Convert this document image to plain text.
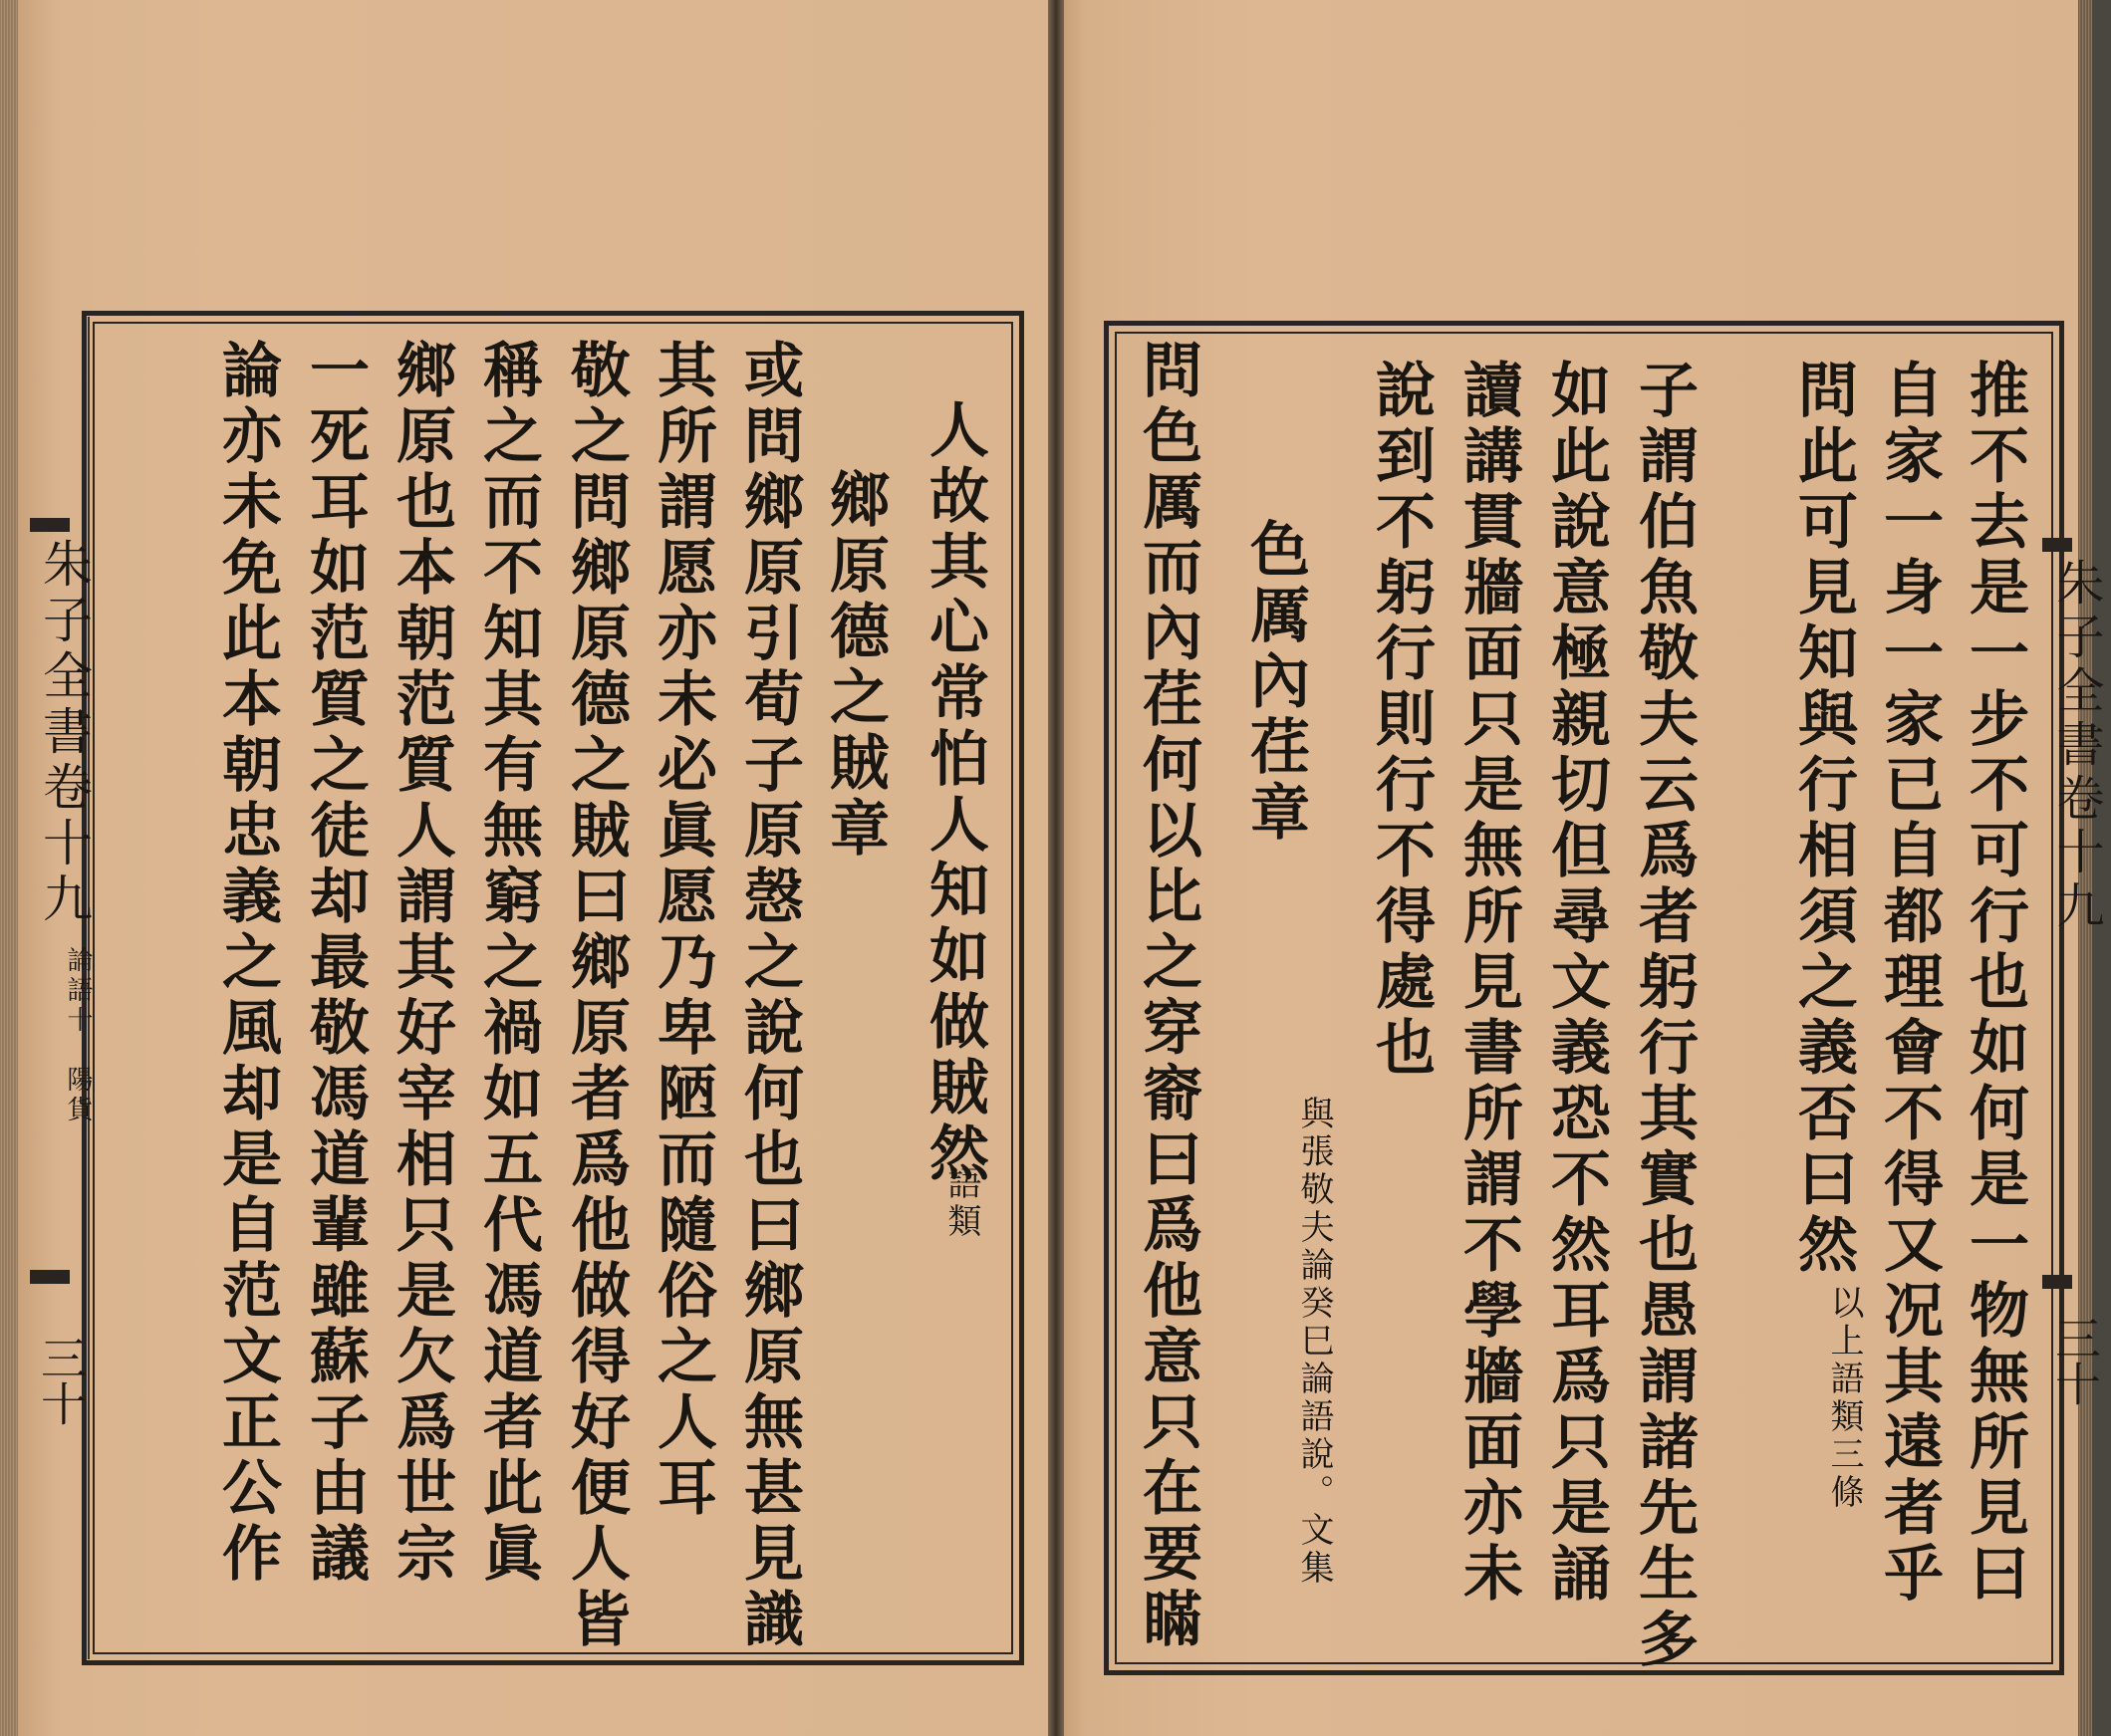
朱子全書卷十九
論語十　陽貨
三十
人故其心常怕人知如做賊然
語類
鄉原德之賊章
或問鄉原引荀子原愨之說何也曰鄉原無甚見識
其所謂愿亦未必眞愿乃卑陋而隨俗之人耳
敬之問鄉原德之賊曰鄉原者爲他做得好便人皆
稱之而不知其有無窮之禍如五代馮道者此眞
鄉原也本朝范質人謂其好宰相只是欠爲世宗
一死耳如范質之徒却最敬馮道輩雖蘇子由議
論亦未免此本朝忠義之風却是自范文正公作	朱子全書卷十九
三十
推不去是一步不可行也如何是一物無所見曰
自家一身一家已自都理會不得又况其遠者乎
問此可見知與行相須之義否曰然
以上語類三條
子謂伯魚敬夫云爲者躬行其實也愚謂諸先生多
如此說意極親切但尋文義恐不然耳爲只是誦
讀講貫牆面只是無所見書所謂不學牆面亦未
說到不躬行則行不得處也
與張敬夫論癸巳論語說。文集
色厲內荏章
問色厲而內荏何以比之穿窬曰爲他意只在要瞞
